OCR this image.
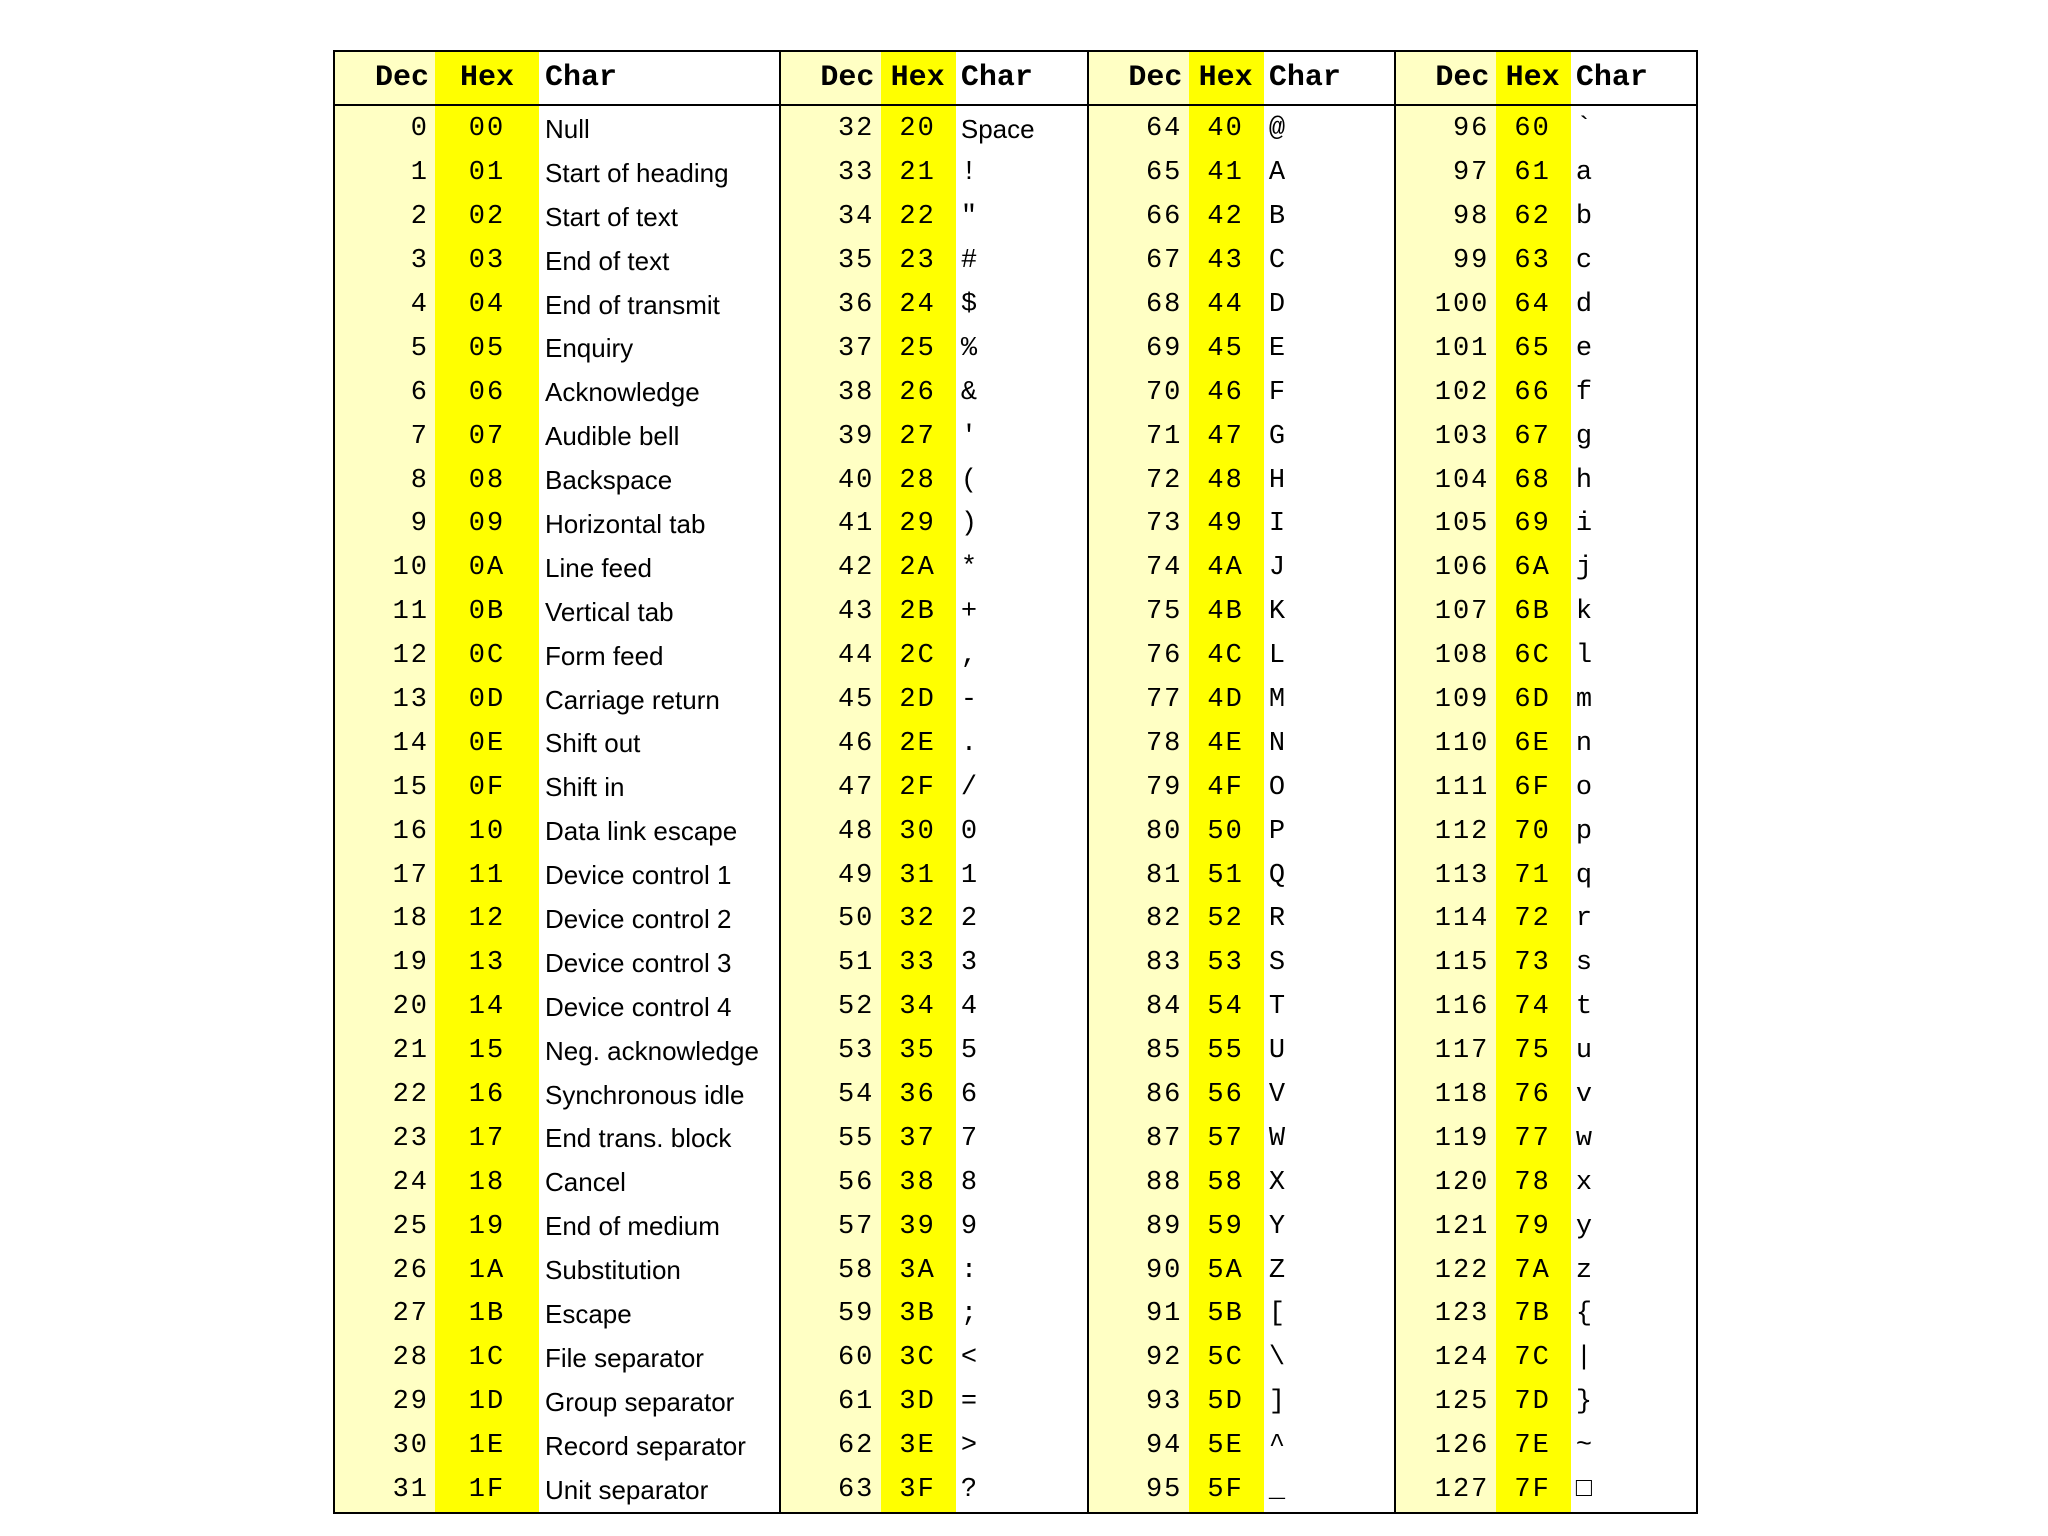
Dec	Hex	Char
0	00	Null
1	01	Start of heading
2	02	Start of text
3	03	End of text
4	04	End of transmit
5	05	Enquiry
6	06	Acknowledge
7	07	Audible bell
8	08	Backspace
9	09	Horizontal tab
10	0A	Line feed
11	0B	Vertical tab
12	0C	Form feed
13	0D	Carriage return
14	0E	Shift out
15	0F	Shift in
16	10	Data link escape
17	11	Device control 1
18	12	Device control 2
19	13	Device control 3
20	14	Device control 4
21	15	Neg. acknowledge
22	16	Synchronous idle
23	17	End trans. block
24	18	Cancel
25	19	End of medium
26	1A	Substitution
27	1B	Escape
28	1C	File separator
29	1D	Group separator
30	1E	Record separator
31	1F	Unit separator
Dec Hex Char
32 20 Space
33 21 !
34 22 "
35 23 #
36 24 $
37 25 %
38 26 &
39 27 '
40 28 (
41 29 )
42 2A *
43 2B +
44 2C ,
45 2D -
46 2E .
47 2F /
48 30 0
49 31 1
50 32 2
51 33 3
52 34 4
53 35 5
54 36 6
55 37 7
56 38 8
57 39 9
58 3A :
59 3B ;
60 3C <
61 3D =
62 3E >
63 3F ?
Dec Hex Char
64 40 @
65 41 A
66 42 B
67 43 C
68 44 D
69 45 E
70 46 F
71 47 G
72 48 H
73 49 I
74 4A J
75 4B K
76 4C L
77 4D M
78 4E N
79 4F O
80 50 P
81 51 Q
82 52 R
83 53 S
84 54 T
85 55 U
86 56 V
87 57 W
88 58 X
89 59 Y
90 5A Z
91 5B [
92 5C \
93 5D ]
94 5E ^
95 5F _
Dec Hex Char
96 60 `
97 61 a
98 62 b
99 63 c
100 64 d
101 65 e
102 66 f
103 67 g
104 68 h
105 69 i
106 6A j
107 6B k
108 6C l
109 6D m
110 6E n
111 6F o
112 70 p
113 71 q
114 72 r
115 73 s
116 74 t
117 75 u
118 76 v
119 77 w
120 78 x
121 79 y
122 7A z
123 7B {
124 7C |
125 7D }
126 7E ~
127 7F □
